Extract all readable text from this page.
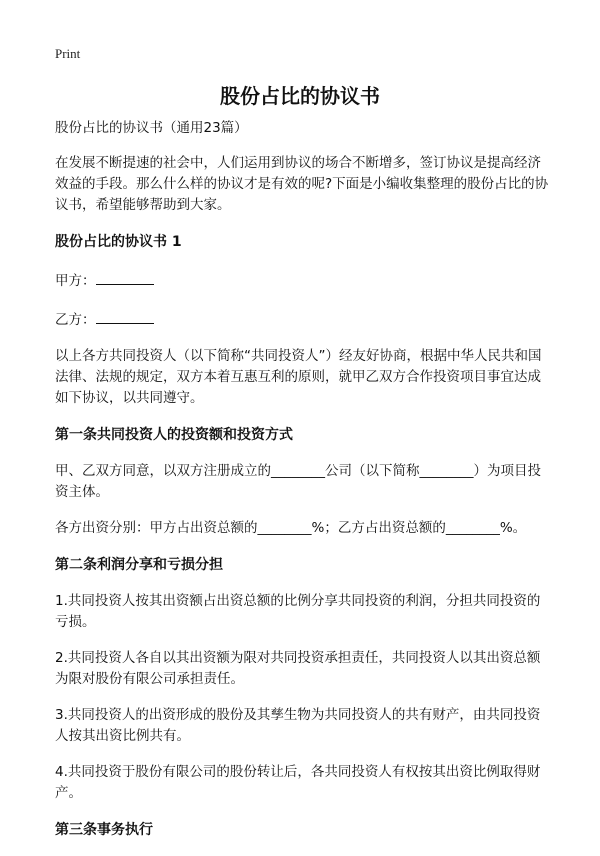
Print
股份占比的协议书

股份占比的协议书（通用23篇）

在发展不断提速的社会中，人们运用到协议的场合不断增多，签订协议是提高经济效益的手段。那么什么样的协议才是有效的呢?下面是小编收集整理的股份占比的协议书，希望能够帮助到大家。

股份占比的协议书 1

甲方：

乙方：

以上各方共同投资人（以下简称“共同投资人”）经友好协商，根据中华人民共和国法律、法规的规定，双方本着互惠互利的原则，就甲乙双方合作投资项目事宜达成如下协议，以共同遵守。

第一条共同投资人的投资额和投资方式

甲、乙双方同意，以双方注册成立的________公司（以下简称________）为项目投资主体。

各方出资分别：甲方占出资总额的________%；乙方占出资总额的________%。

第二条利润分享和亏损分担

1.共同投资人按其出资额占出资总额的比例分享共同投资的利润，分担共同投资的亏损。

2.共同投资人各自以其出资额为限对共同投资承担责任，共同投资人以其出资总额为限对股份有限公司承担责任。

3.共同投资人的出资形成的股份及其孳生物为共同投资人的共有财产，由共同投资人按其出资比例共有。

4.共同投资于股份有限公司的股份转让后，各共同投资人有权按其出资比例取得财产。

第三条事务执行
